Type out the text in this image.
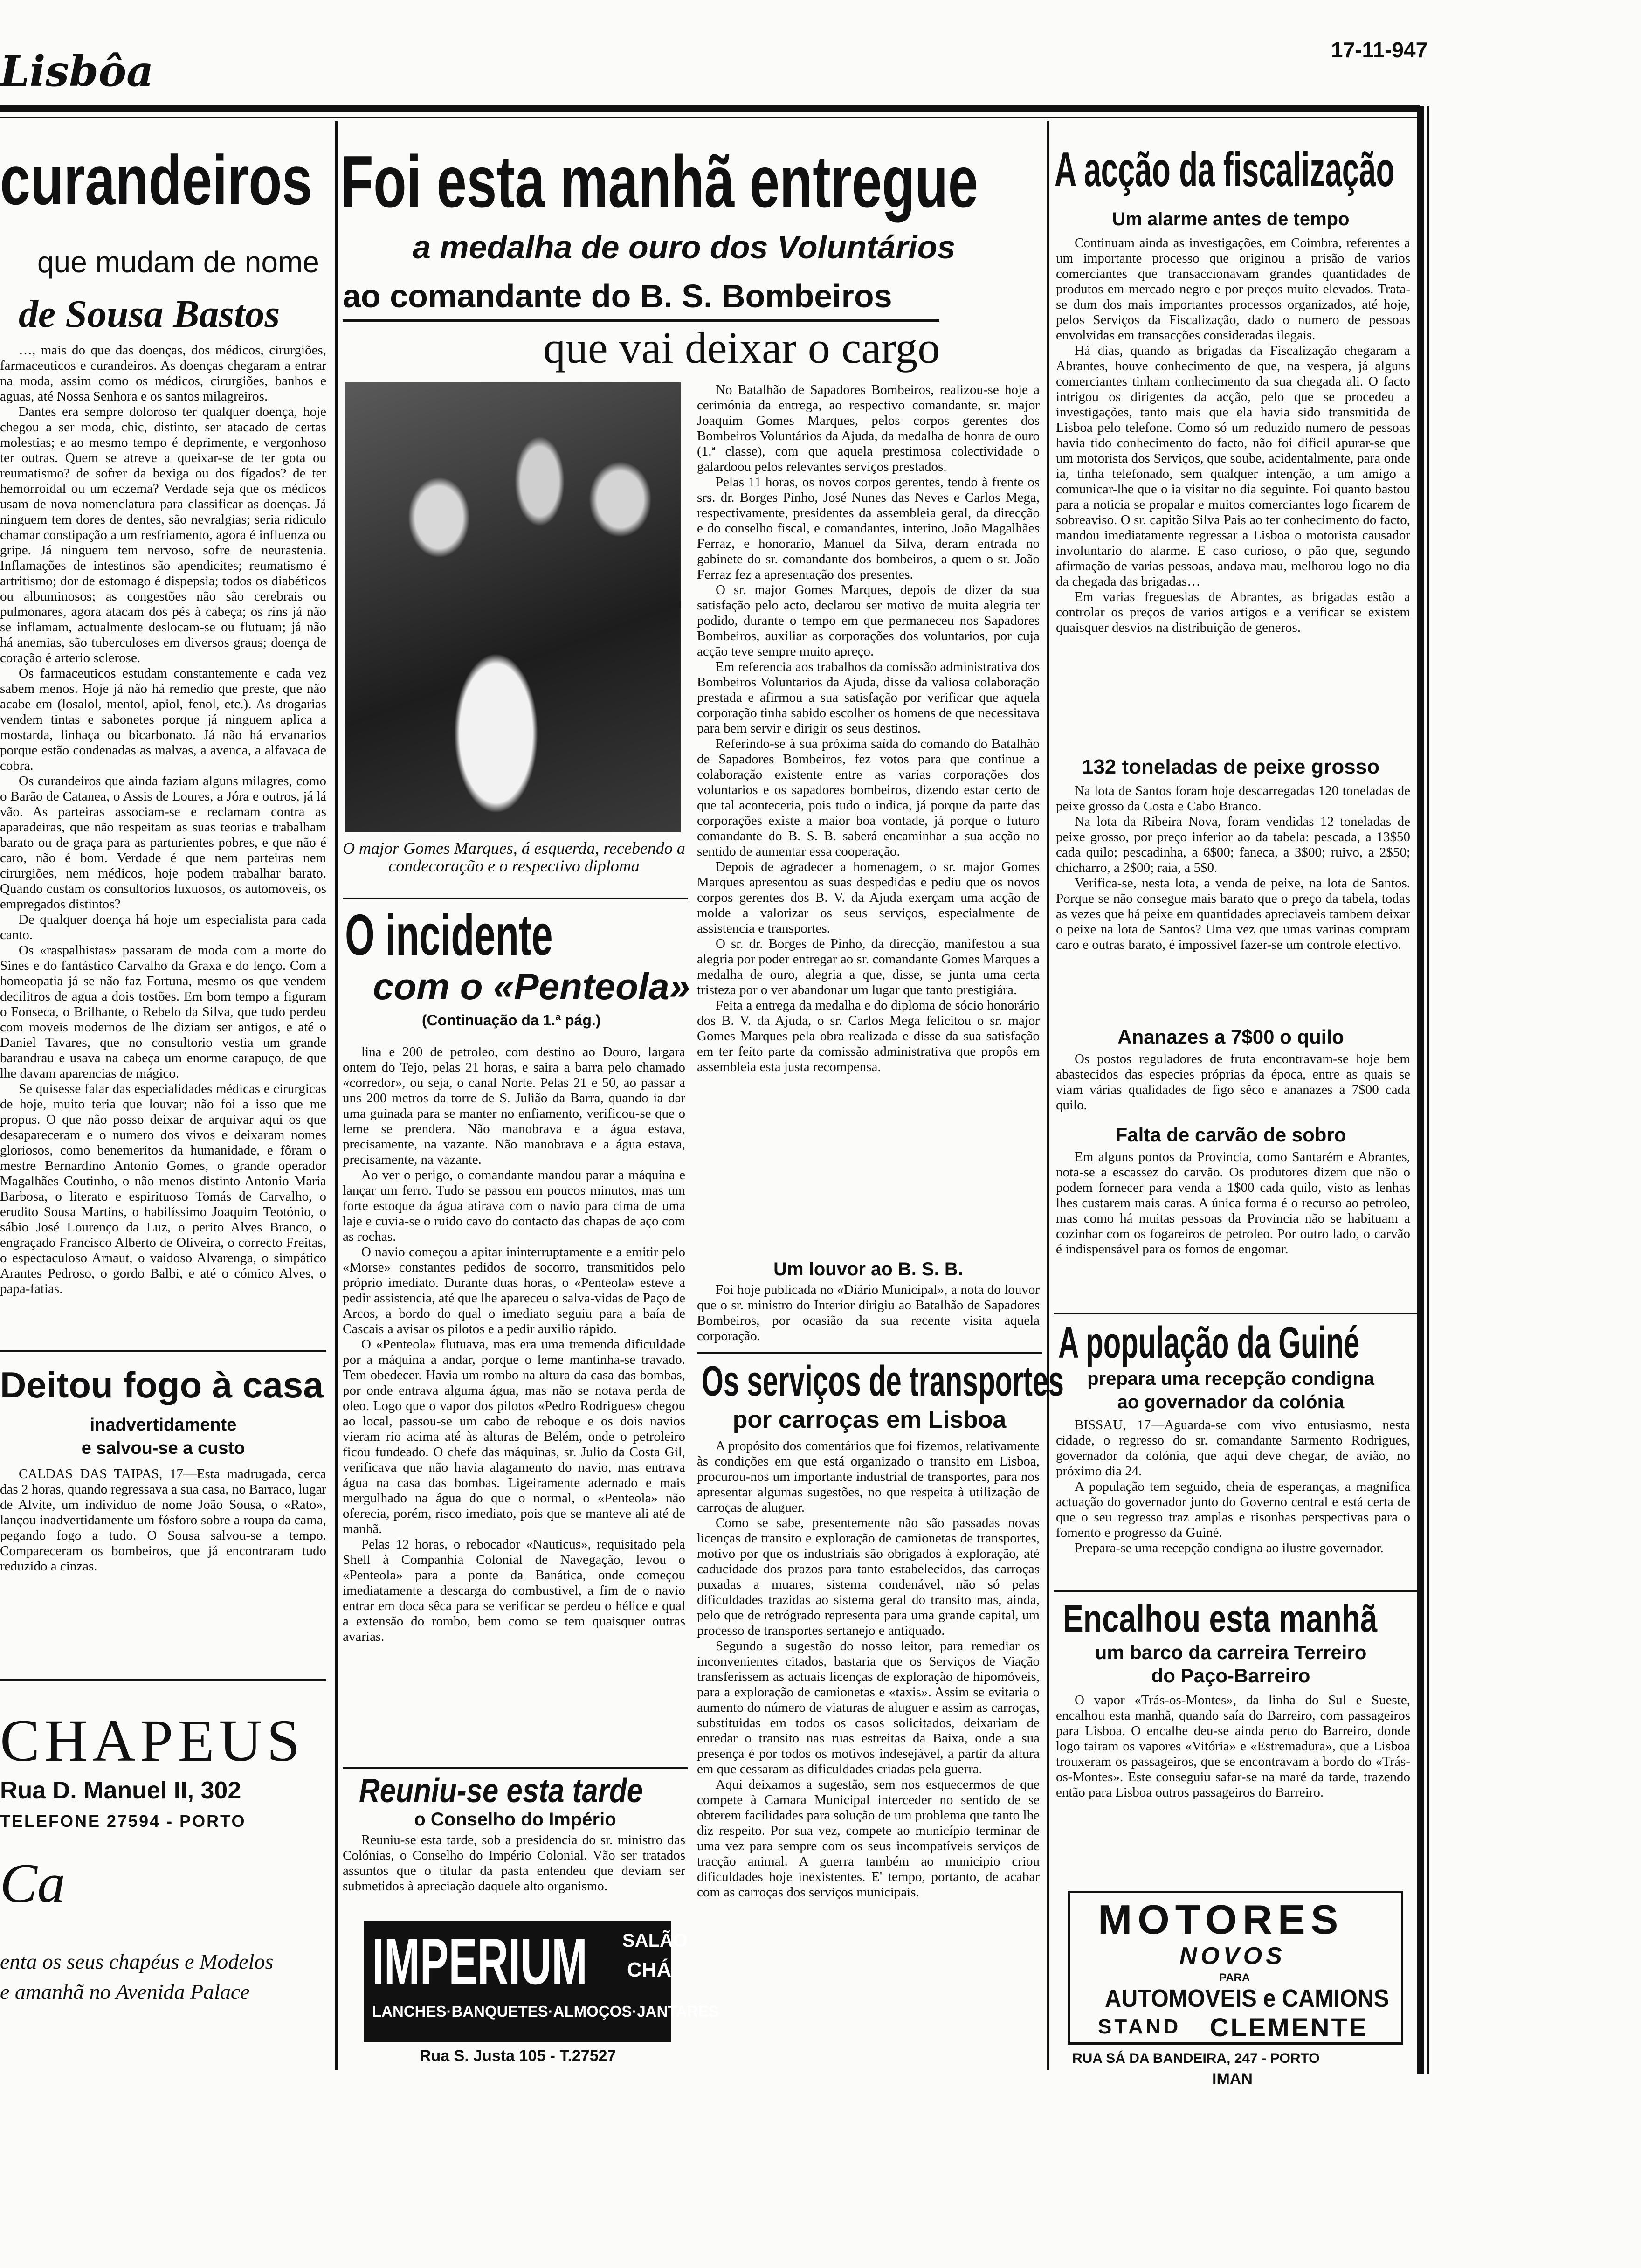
Lisbôa	17-11-947
curandeiros
que mudam de nome
de Sousa Bastos

…, mais do que das doenças, dos médicos, cirurgiões, farmaceuticos e curandeiros. As doenças chegaram a entrar na moda, assim como os médicos, cirurgiões, banhos e aguas, até Nossa Senhora e os santos milagreiros.

Dantes era sempre doloroso ter qualquer doença, hoje chegou a ser moda, chic, distinto, ser atacado de certas molestias; e ao mesmo tempo é deprimente, e vergonhoso ter outras. Quem se atreve a queixar-se de ter gota ou reumatismo? de sofrer da bexiga ou dos fígados? de ter hemorroidal ou um eczema? Verdade seja que os médicos usam de nova nomenclatura para classificar as doenças. Já ninguem tem dores de dentes, são nevralgias; seria ridiculo chamar constipação a um resfriamento, agora é influenza ou gripe. Já ninguem tem nervoso, sofre de neurastenia. Inflamações de intestinos são apendicites; reumatismo é artritismo; dor de estomago é dispepsia; todos os diabéticos ou albuminosos; as congestões não são cerebrais ou pulmonares, agora atacam dos pés à cabeça; os rins já não se inflamam, actualmente deslocam-se ou flutuam; já não há anemias, são tuberculoses em diversos graus; doença de coração é arterio sclerose.

Os farmaceuticos estudam constantemente e cada vez sabem menos. Hoje já não há remedio que preste, que não acabe em (losalol, mentol, apiol, fenol, etc.). As drogarias vendem tintas e sabonetes porque já ninguem aplica a mostarda, linhaça ou bicarbonato. Já não há ervanarios porque estão condenadas as malvas, a avenca, a alfavaca de cobra.

Os curandeiros que ainda faziam alguns milagres, como o Barão de Catanea, o Assis de Loures, a Jóra e outros, já lá vão. As parteiras associam-se e reclamam contra as aparadeiras, que não respeitam as suas teorias e trabalham barato ou de graça para as parturientes pobres, e que não é caro, não é bom. Verdade é que nem parteiras nem cirurgiões, nem médicos, hoje podem trabalhar barato. Quando custam os consultorios luxuosos, os automoveis, os empregados distintos?

De qualquer doença há hoje um especialista para cada canto.

Os «raspalhistas» passaram de moda com a morte do Sines e do fantástico Carvalho da Graxa e do lenço. Com a homeopatia já se não faz Fortuna, mesmo os que vendem decilitros de agua a dois tostões. Em bom tempo a figuram o Fonseca, o Brilhante, o Rebelo da Silva, que tudo perdeu com moveis modernos de lhe diziam ser antigos, e até o Daniel Tavares, que no consultorio vestia um grande barandrau e usava na cabeça um enorme carapuço, de que lhe davam aparencias de mágico.

Se quisesse falar das especialidades médicas e cirurgicas de hoje, muito teria que louvar; não foi a isso que me propus. O que não posso deixar de arquivar aqui os que desapareceram e o numero dos vivos e deixaram nomes gloriosos, como benemeritos da humanidade, e fôram o mestre Bernardino Antonio Gomes, o grande operador Magalhães Coutinho, o não menos distinto Antonio Maria Barbosa, o literato e espirituoso Tomás de Carvalho, o erudito Sousa Martins, o habilíssimo Joaquim Teotónio, o sábio José Lourenço da Luz, o perito Alves Branco, o engraçado Francisco Alberto de Oliveira, o correcto Freitas, o espectaculoso Arnaut, o vaidoso Alvarenga, o simpático Arantes Pedroso, o gordo Balbi, e até o cómico Alves, o papa-fatias.

Deitou fogo à casa
inadvertidamente
e salvou-se a custo

CALDAS DAS TAIPAS, 17—Esta madrugada, cerca das 2 horas, quando regressava a sua casa, no Barraco, lugar de Alvite, um individuo de nome João Sousa, o «Rato», lançou inadvertidamente um fósforo sobre a roupa da cama, pegando fogo a tudo. O Sousa salvou-se a tempo. Compareceram os bombeiros, que já encontraram tudo reduzido a cinzas.

CHAPEUS
Rua D. Manuel II, 302
TELEFONE 27594 - PORTO
Ca
enta os seus chapéus e Modelos
e amanhã no Avenida Palace
Foi esta manhã entregue
a medalha de ouro dos Voluntários
ao comandante do B. S. Bombeiros
que vai deixar o cargo
O major Gomes Marques, á esquerda, recebendo a condecoração e o respectivo diploma
O incidente
com o «Penteola»
(Continuação da 1.ª pág.)

lina e 200 de petroleo, com destino ao Douro, largara ontem do Tejo, pelas 21 horas, e saira a barra pelo chamado «corredor», ou seja, o canal Norte. Pelas 21 e 50, ao passar a uns 200 metros da torre de S. Julião da Barra, quando ia dar uma guinada para se manter no enfiamento, verificou-se que o leme se prendera. Não manobrava e a água estava, precisamente, na vazante. Não manobrava e a água estava, precisamente, na vazante.

Ao ver o perigo, o comandante mandou parar a máquina e lançar um ferro. Tudo se passou em poucos minutos, mas um forte estoque da água atirava com o navio para cima de uma laje e cuvia-se o ruido cavo do contacto das chapas de aço com as rochas.

O navio começou a apitar ininterruptamente e a emitir pelo «Morse» constantes pedidos de socorro, transmitidos pelo próprio imediato. Durante duas horas, o «Penteola» esteve a pedir assistencia, até que lhe apareceu o salva-vidas de Paço de Arcos, a bordo do qual o imediato seguiu para a baía de Cascais a avisar os pilotos e a pedir auxilio rápido.

O «Penteola» flutuava, mas era uma tremenda dificuldade por a máquina a andar, porque o leme mantinha-se travado. Tem obedecer. Havia um rombo na altura da casa das bombas, por onde entrava alguma água, mas não se notava perda de oleo. Logo que o vapor dos pilotos «Pedro Rodrigues» chegou ao local, passou-se um cabo de reboque e os dois navios vieram rio acima até às alturas de Belém, onde o petroleiro ficou fundeado. O chefe das máquinas, sr. Julio da Costa Gil, verificava que não havia alagamento do navio, mas entrava água na casa das bombas. Ligeiramente adernado e mais mergulhado na água do que o normal, o «Penteola» não oferecia, porém, risco imediato, pois que se manteve ali até de manhã.

Pelas 12 horas, o rebocador «Nauticus», requisitado pela Shell à Companhia Colonial de Navegação, levou o «Penteola» para a ponte da Banática, onde começou imediatamente a descarga do combustivel, a fim de o navio entrar em doca sêca para se verificar se perdeu o hélice e qual a extensão do rombo, bem como se tem quaisquer outras avarias.

Reuniu-se esta tarde
o Conselho do Império

Reuniu-se esta tarde, sob a presidencia do sr. ministro das Colónias, o Conselho do Império Colonial. Vão ser tratados assuntos que o titular da pasta entendeu que deviam ser submetidos à apreciação daquele alto organismo.

IMPERIUM SALÃO
CHÁ
LANCHES·BANQUETES·ALMOÇOS·JANTARES
Rua S. Justa 105 - T.27527

No Batalhão de Sapadores Bombeiros, realizou-se hoje a cerimónia da entrega, ao respectivo comandante, sr. major Joaquim Gomes Marques, pelos corpos gerentes dos Bombeiros Voluntários da Ajuda, da medalha de honra de ouro (1.ª classe), com que aquela prestimosa colectividade o galardoou pelos relevantes serviços prestados.

Pelas 11 horas, os novos corpos gerentes, tendo à frente os srs. dr. Borges Pinho, José Nunes das Neves e Carlos Mega, respectivamente, presidentes da assembleia geral, da direcção e do conselho fiscal, e comandantes, interino, João Magalhães Ferraz, e honorario, Manuel da Silva, deram entrada no gabinete do sr. comandante dos bombeiros, a quem o sr. João Ferraz fez a apresentação dos presentes.

O sr. major Gomes Marques, depois de dizer da sua satisfação pelo acto, declarou ser motivo de muita alegria ter podido, durante o tempo em que permaneceu nos Sapadores Bombeiros, auxiliar as corporações dos voluntarios, por cuja acção teve sempre muito apreço.

Em referencia aos trabalhos da comissão administrativa dos Bombeiros Voluntarios da Ajuda, disse da valiosa colaboração prestada e afirmou a sua satisfação por verificar que aquela corporação tinha sabido escolher os homens de que necessitava para bem servir e dirigir os seus destinos.

Referindo-se à sua próxima saída do comando do Batalhão de Sapadores Bombeiros, fez votos para que continue a colaboração existente entre as varias corporações dos voluntarios e os sapadores bombeiros, dizendo estar certo de que tal aconteceria, pois tudo o indica, já porque da parte das corporações existe a maior boa vontade, já porque o futuro comandante do B. S. B. saberá encaminhar a sua acção no sentido de aumentar essa cooperação.

Depois de agradecer a homenagem, o sr. major Gomes Marques apresentou as suas despedidas e pediu que os novos corpos gerentes dos B. V. da Ajuda exerçam uma acção de molde a valorizar os seus serviços, especialmente de assistencia e transportes.

O sr. dr. Borges de Pinho, da direcção, manifestou a sua alegria por poder entregar ao sr. comandante Gomes Marques a medalha de ouro, alegria a que, disse, se junta uma certa tristeza por o ver abandonar um lugar que tanto prestigiára.

Feita a entrega da medalha e do diploma de sócio honorário dos B. V. da Ajuda, o sr. Carlos Mega felicitou o sr. major Gomes Marques pela obra realizada e disse da sua satisfação em ter feito parte da comissão administrativa que propôs em assembleia esta justa recompensa.

Um louvor ao B. S. B.

Foi hoje publicada no «Diário Municipal», a nota do louvor que o sr. ministro do Interior dirigiu ao Batalhão de Sapadores Bombeiros, por ocasião da sua recente visita aquela corporação.

Os serviços de transportes
por carroças em Lisboa

A propósito dos comentários que foi fizemos, relativamente às condições em que está organizado o transito em Lisboa, procurou-nos um importante industrial de transportes, para nos apresentar algumas sugestões, no que respeita à utilização de carroças de aluguer.

Como se sabe, presentemente não são passadas novas licenças de transito e exploração de camionetas de transportes, motivo por que os industriais são obrigados à exploração, até caducidade dos prazos para tanto estabelecidos, das carroças puxadas a muares, sistema condenável, não só pelas dificuldades trazidas ao sistema geral do transito mas, ainda, pelo que de retrógrado representa para uma grande capital, um processo de transportes sertanejo e antiquado.

Segundo a sugestão do nosso leitor, para remediar os inconvenientes citados, bastaria que os Serviços de Viação transferissem as actuais licenças de exploração de hipomóveis, para a exploração de camionetas e «taxis». Assim se evitaria o aumento do número de viaturas de aluguer e assim as carroças, substituidas em todos os casos solicitados, deixariam de enredar o transito nas ruas estreitas da Baixa, onde a sua presença é por todos os motivos indesejável, a partir da altura em que cessaram as dificuldades criadas pela guerra.

Aqui deixamos a sugestão, sem nos esquecermos de que compete à Camara Municipal interceder no sentido de se obterem facilidades para solução de um problema que tanto lhe diz respeito. Por sua vez, compete ao município terminar de uma vez para sempre com os seus incompatíveis serviços de tracção animal. A guerra também ao municipio criou dificuldades hoje inexistentes. E' tempo, portanto, de acabar com as carroças dos serviços municipais.

A acção da fiscalização
Um alarme antes de tempo

Continuam ainda as investigações, em Coimbra, referentes a um importante processo que originou a prisão de varios comerciantes que transaccionavam grandes quantidades de produtos em mercado negro e por preços muito elevados. Trata-se dum dos mais importantes processos organizados, até hoje, pelos Serviços da Fiscalização, dado o numero de pessoas envolvidas em transacções consideradas ilegais.

Há dias, quando as brigadas da Fiscalização chegaram a Abrantes, houve conhecimento de que, na vespera, já alguns comerciantes tinham conhecimento da sua chegada ali. O facto intrigou os dirigentes da acção, pelo que se procedeu a investigações, tanto mais que ela havia sido transmitida de Lisboa pelo telefone. Como só um reduzido numero de pessoas havia tido conhecimento do facto, não foi dificil apurar-se que um motorista dos Serviços, que soube, acidentalmente, para onde ia, tinha telefonado, sem qualquer intenção, a um amigo a comunicar-lhe que o ia visitar no dia seguinte. Foi quanto bastou para a noticia se propalar e muitos comerciantes logo ficarem de sobreaviso. O sr. capitão Silva Pais ao ter conhecimento do facto, mandou imediatamente regressar a Lisboa o motorista causador involuntario do alarme. E caso curioso, o pão que, segundo afirmação de varias pessoas, andava mau, melhorou logo no dia da chegada das brigadas…

Em varias freguesias de Abrantes, as brigadas estão a controlar os preços de varios artigos e a verificar se existem quaisquer desvios na distribuição de generos.

132 toneladas de peixe grosso

Na lota de Santos foram hoje descarregadas 120 toneladas de peixe grosso da Costa e Cabo Branco.

Na lota da Ribeira Nova, foram vendidas 12 toneladas de peixe grosso, por preço inferior ao da tabela: pescada, a 13$50 cada quilo; pescadinha, a 6$00; faneca, a 3$00; ruivo, a 2$50; chicharro, a 2$00; raia, a 5$0.

Verifica-se, nesta lota, a venda de peixe, na lota de Santos. Porque se não consegue mais barato que o preço da tabela, todas as vezes que há peixe em quantidades apreciaveis tambem deixar o peixe na lota de Santos? Uma vez que umas varinas compram caro e outras barato, é impossivel fazer-se um controle efectivo.

Ananazes a 7$00 o quilo

Os postos reguladores de fruta encontravam-se hoje bem abastecidos das especies próprias da época, entre as quais se viam várias qualidades de figo sêco e ananazes a 7$00 cada quilo.

Falta de carvão de sobro

Em alguns pontos da Provincia, como Santarém e Abrantes, nota-se a escassez do carvão. Os produtores dizem que não o podem fornecer para venda a 1$00 cada quilo, visto as lenhas lhes custarem mais caras. A única forma é o recurso ao petroleo, mas como há muitas pessoas da Provincia não se habituam a cozinhar com os fogareiros de petroleo. Por outro lado, o carvão é indispensável para os fornos de engomar.

A população da Guiné
prepara uma recepção condigna
ao governador da colónia

BISSAU, 17—Aguarda-se com vivo entusiasmo, nesta cidade, o regresso do sr. comandante Sarmento Rodrigues, governador da colónia, que aqui deve chegar, de avião, no próximo dia 24.

A população tem seguido, cheia de esperanças, a magnifica actuação do governador junto do Governo central e está certa de que o seu regresso traz amplas e risonhas perspectivas para o fomento e progresso da Guiné.

Prepara-se uma recepção condigna ao ilustre governador.

Encalhou esta manhã
um barco da carreira Terreiro
do Paço-Barreiro

O vapor «Trás-os-Montes», da linha do Sul e Sueste, encalhou esta manhã, quando saía do Barreiro, com passageiros para Lisboa. O encalhe deu-se ainda perto do Barreiro, donde logo tairam os vapores «Vitória» e «Estremadura», que a Lisboa trouxeram os passageiros, que se encontravam a bordo do «Trás-os-Montes». Este conseguiu safar-se na maré da tarde, trazendo então para Lisboa outros passageiros do Barreiro.

MOTORES
NOVOS
PARA
AUTOMOVEIS e CAMIONS
STAND CLEMENTE
RUA SÁ DA BANDEIRA, 247 - PORTO
IMAN
